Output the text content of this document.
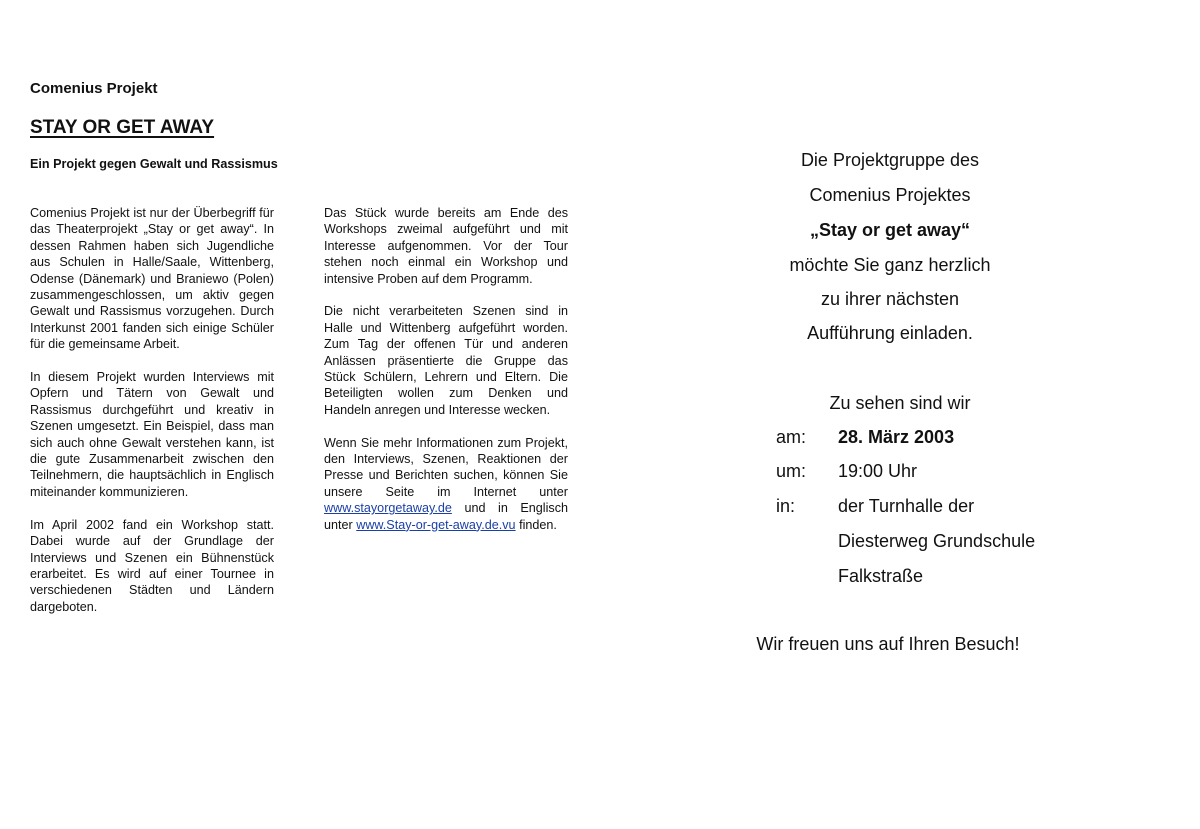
Comenius Projekt
STAY OR GET AWAY
Ein Projekt gegen Gewalt und Rassismus

Comenius Projekt ist nur der Überbegriff für das Theaterprojekt „Stay or get away“. In dessen Rahmen haben sich Jugendliche aus Schulen in Halle/Saale, Wittenberg, Odense (Dänemark) und Braniewo (Polen) zusammengeschlossen, um aktiv gegen Gewalt und Rassismus vorzugehen. Durch Interkunst 2001 fanden sich einige Schüler für die gemeinsame Arbeit.

In diesem Projekt wurden Interviews mit Opfern und Tätern von Gewalt und Rassismus durchgeführt und kreativ in Szenen umgesetzt. Ein Beispiel, dass man sich auch ohne Gewalt verstehen kann, ist die gute Zusammenarbeit zwischen den Teilnehmern, die hauptsächlich in Englisch miteinander kommunizieren.

Im April 2002 fand ein Workshop statt. Dabei wurde auf der Grundlage der Interviews und Szenen ein Bühnenstück erarbeitet. Es wird auf einer Tournee in verschiedenen Städten und Ländern dargeboten.

Das Stück wurde bereits am Ende des Workshops zweimal aufgeführt und mit Interesse aufgenommen. Vor der Tour stehen noch einmal ein Workshop und intensive Proben auf dem Programm.

Die nicht verarbeiteten Szenen sind in Halle und Wittenberg aufgeführt worden. Zum Tag der offenen Tür und anderen Anlässen präsentierte die Gruppe das Stück Schülern, Lehrern und Eltern. Die Beteiligten wollen zum Denken und Handeln anregen und Interesse wecken.

Wenn Sie mehr Informationen zum Projekt, den Interviews, Szenen, Reaktionen der Presse und Berichten suchen, können Sie unsere Seite im Internet unter www.stayorgetaway.de und in Englisch unter www.Stay-or-get-away.de.vu finden.

Die Projektgruppe des
Comenius Projektes
„Stay or get away“
möchte Sie ganz herzlich
zu ihrer nächsten
Aufführung einladen.
Zu sehen sind wir
am: 28. März 2003
um: 19:00 Uhr
in: der Turnhalle der
Diesterweg Grundschule
Falkstraße
Wir freuen uns auf Ihren Besuch!
